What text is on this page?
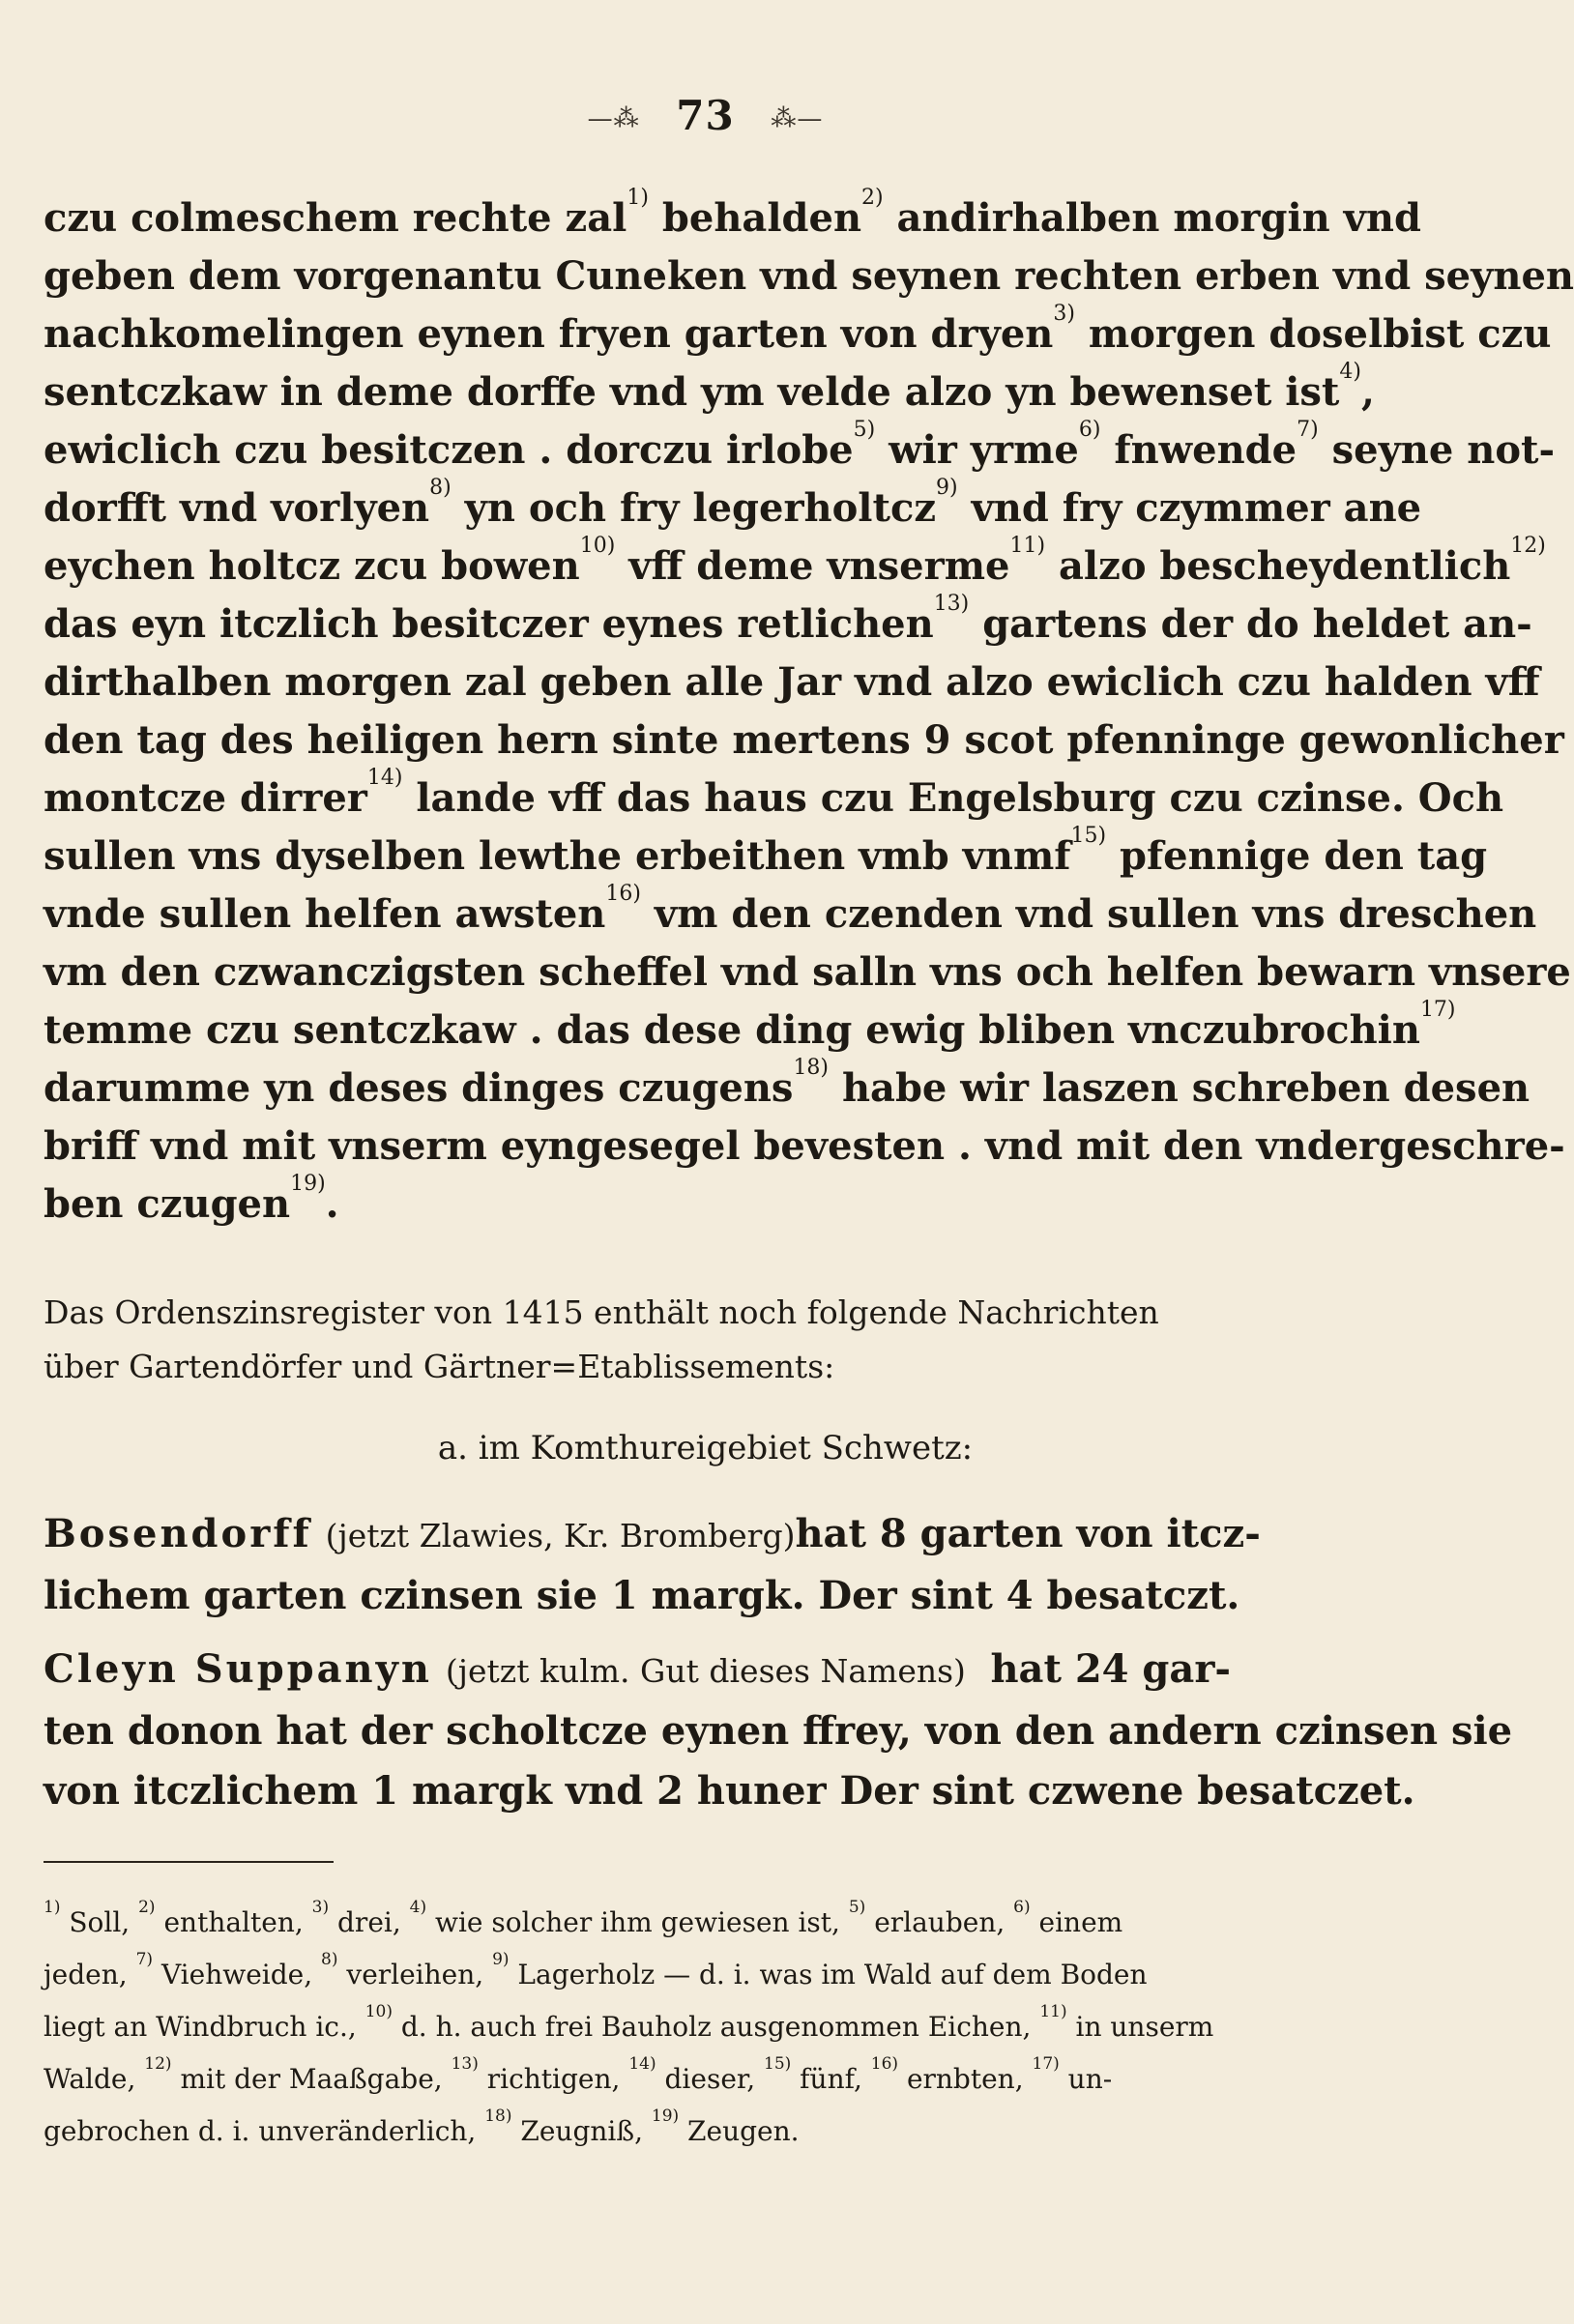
—⁂ 73 ⁂—
czu colmeschem rechte zal$^{1)}$ behalden$^{2)}$ andirhalben morgin vnd
geben dem vorgenantu Cuneken vnd seynen rechten erben vnd seynen
nachkomelingen eynen fryen garten von dryen$^{3)}$ morgen doselbist czu
sentczkaw in deme dorffe vnd ym velde alzo yn bewenset ist$^{4)}$,
ewiclich czu besitczen . dorczu irlobe$^{5)}$ wir yrme$^{6)}$ fnwende$^{7)}$ seyne not-
dorfft vnd vorlyen$^{8)}$ yn och fry legerholtcz$^{9)}$ vnd fry czymmer ane
eychen holtcz zcu bowen$^{10)}$ vff deme vnserme$^{11)}$ alzo bescheydentlich$^{12)}$
das eyn itczlich besitczer eynes retlichen$^{13)}$ gartens der do heldet an-
dirthalben morgen zal geben alle Jar vnd alzo ewiclich czu halden vff
den tag des heiligen hern sinte mertens 9 scot pfenninge gewonlicher
montcze dirrer$^{14)}$ lande vff das haus czu Engelsburg czu czinse. Och
sullen vns dyselben lewthe erbeithen vmb vnmf$^{15)}$ pfennige den tag
vnde sullen helfen awsten$^{16)}$ vm den czenden vnd sullen vns dreschen
vm den czwanczigsten scheffel vnd salln vns och helfen bewarn vnsere
temme czu sentczkaw . das dese ding ewig bliben vnczubrochin$^{17)}$
darumme yn deses dinges czugens$^{18)}$ habe wir laszen schreben desen
briff vnd mit vnserm eyngesegel bevesten . vnd mit den vndergeschre-
ben czugen$^{19)}$.
Das Ordenszinsregister von 1415 enthält noch folgende Nachrichten
über Gartendörfer und Gärtner=Etablissements:
a. im Komthureigebiet Schwetz:
Bosendorff (jetzt Zlawies, Kr. Bromberg) hat 8 garten von itcz-
lichem garten czinsen sie 1 margk. Der sint 4 besatczt.
Cleyn Suppanyn (jetzt kulm. Gut dieses Namens) hat 24 gar-
ten donon hat der scholtcze eynen ffrey, von den andern czinsen sie
von itczlichem 1 margk vnd 2 huner Der sint czwene besatczet.
$^{1)}$ Soll, $^{2)}$ enthalten, $^{3)}$ drei, $^{4)}$ wie solcher ihm gewiesen ist, $^{5)}$ erlauben, $^{6)}$ einem
jeden, $^{7)}$ Viehweide, $^{8)}$ verleihen, $^{9)}$ Lagerholz — d. i. was im Wald auf dem Boden
liegt an Windbruch ic., $^{10)}$ d. h. auch frei Bauholz ausgenommen Eichen, $^{11)}$ in unserm
Walde, $^{12)}$ mit der Maaßgabe, $^{13)}$ richtigen, $^{14)}$ dieser, $^{15)}$ fünf, $^{16)}$ ernbten, $^{17)}$ un-
gebrochen d. i. unveränderlich, $^{18)}$ Zeugniß, $^{19)}$ Zeugen.
